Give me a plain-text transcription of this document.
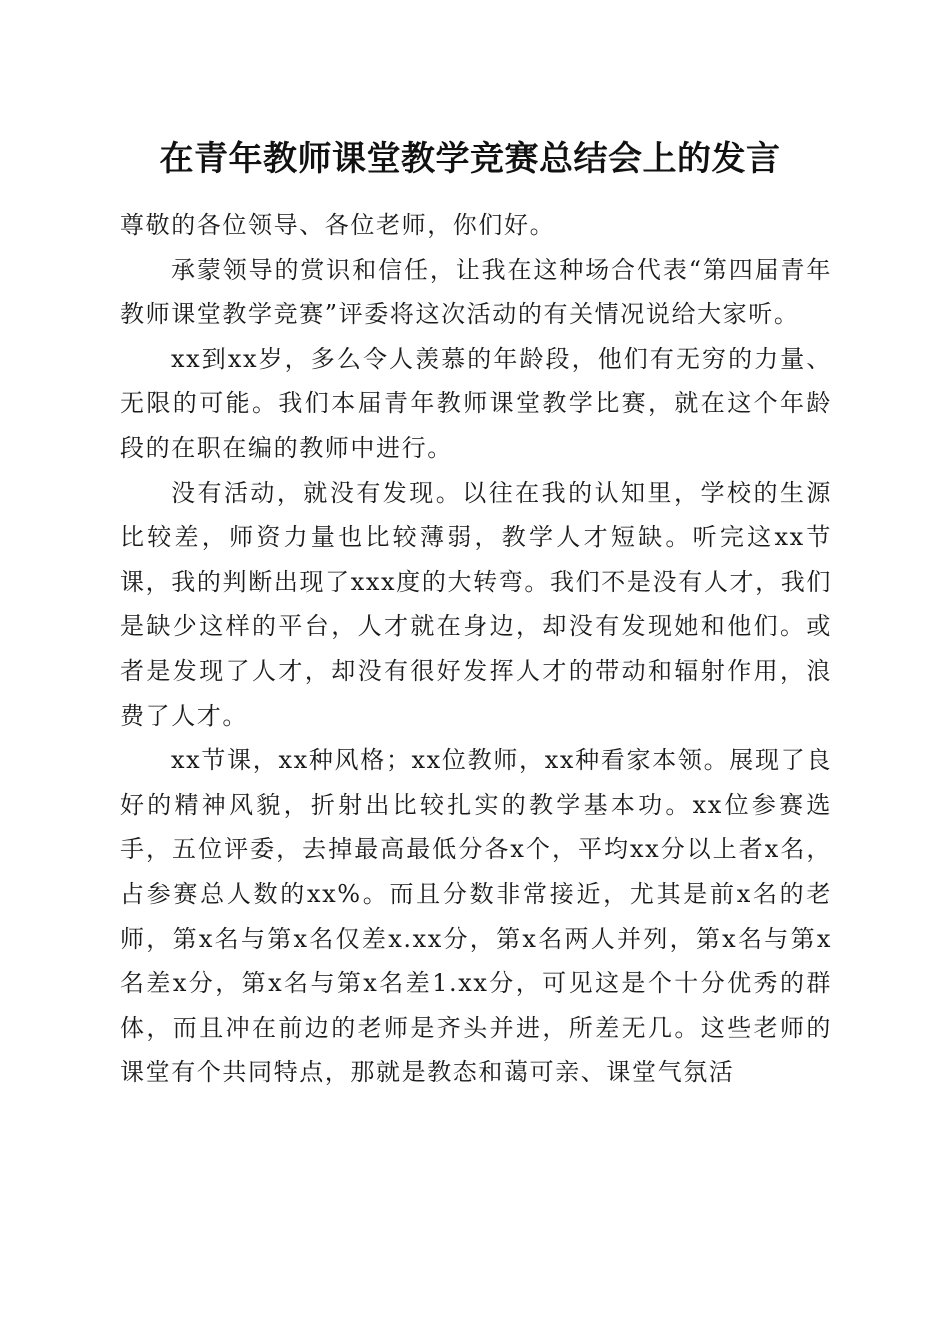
在青年教师课堂教学竞赛总结会上的发言

尊敬的各位领导、各位老师，你们好。

承蒙领导的赏识和信任，让我在这种场合代表“第四届青年教师课堂教学竞赛”评委将这次活动的有关情况说给大家听。

xx到xx岁，多么令人羡慕的年龄段，他们有无穷的力量、无限的可能。我们本届青年教师课堂教学比赛，就在这个年龄段的在职在编的教师中进行。

没有活动，就没有发现。以往在我的认知里，学校的生源比较差，师资力量也比较薄弱，教学人才短缺。听完这xx节课，我的判断出现了xxx度的大转弯。我们不是没有人才，我们是缺少这样的平台，人才就在身边，却没有发现她和他们。或者是发现了人才，却没有很好发挥人才的带动和辐射作用，浪费了人才。

xx节课，xx种风格；xx位教师，xx种看家本领。展现了良好的精神风貌，折射出比较扎实的教学基本功。xx位参赛选手，五位评委，去掉最高最低分各x个，平均xx分以上者x名，占参赛总人数的xx%。而且分数非常接近，尤其是前x名的老师，第x名与第x名仅差x.xx分，第x名两人并列，第x名与第x名差x分，第x名与第x名差1.xx分，可见这是个十分优秀的群体，而且冲在前边的老师是齐头并进，所差无几。这些老师的课堂有个共同特点，那就是教态和蔼可亲、课堂气氛活
